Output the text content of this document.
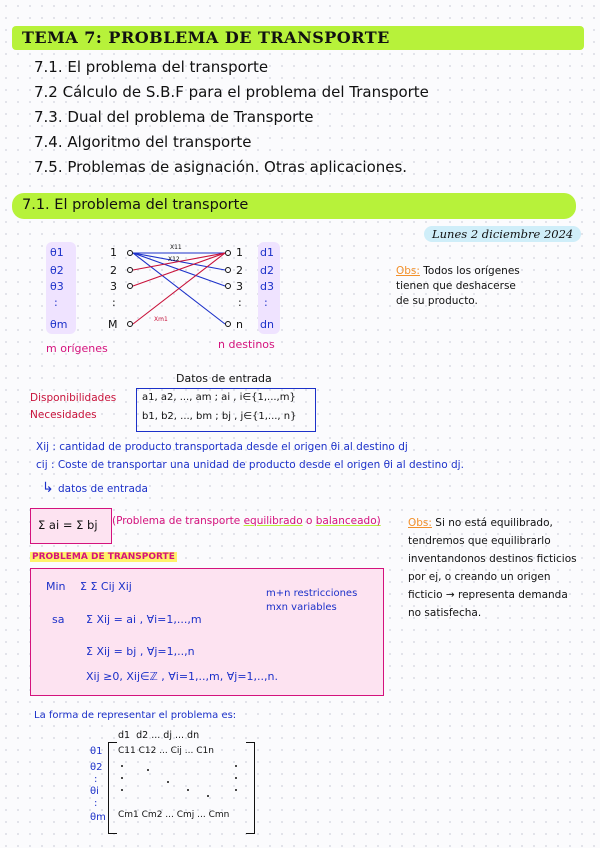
TEMA 7: PROBLEMA DE TRANSPORTE
7.1. El problema del transporte
7.2 Cálculo de S.B.F para el problema del Transporte
7.3. Dual del problema de Transporte
7.4. Algoritmo del transporte
7.5. Problemas de asignación. Otras aplicaciones.
7.1. El problema del transporte
Lunes 2 diciembre 2024
θ1
θ2
θ3
:
θm
1
2
3
:
M
1
2
3
:
n
d1
d2
d3
:
dn
X11
X12
Xm1
m orígenes	n destinos
Obs: Todos los orígenes
tienen que deshacerse
de su producto.
Datos de entrada
Disponibilidades
Necesidades
a1, a2, ..., am ; ai , i∈{1,...,m}
b1, b2, ..., bm ; bj , j∈{1,..., n}
Xij : cantidad de producto transportada desde el origen θi al destino dj
cij : Coste de transportar una unidad de producto desde el origen θi al destino dj.
↳ datos de entrada
Σ ai = Σ bj (Problema de transporte equilibrado o balanceado)	Obs: Si no está equilibrado,
tendremos que equilibrarlo
inventandonos destinos ficticios
por ej, o creando un origen
ficticio → representa demanda
no satisfecha.
PROBLEMA DE TRANSPORTE
Min Σ Σ Cij Xij
sa Σ Xij = ai , ∀i=1,...,m
Σ Xij = bj , ∀j=1,..,n
Xij ≥0, Xij∈ℤ , ∀i=1,..,m, ∀j=1,..,n.
m+n restricciones
mxn variables
La forma de representar el problema es:
d1  d2 ... dj ... dn
θ1
θ2
:
θi
:
θm
C11 C12 ... Cij ... C1n
Cm1 Cm2 ... Cmj ... Cmn
